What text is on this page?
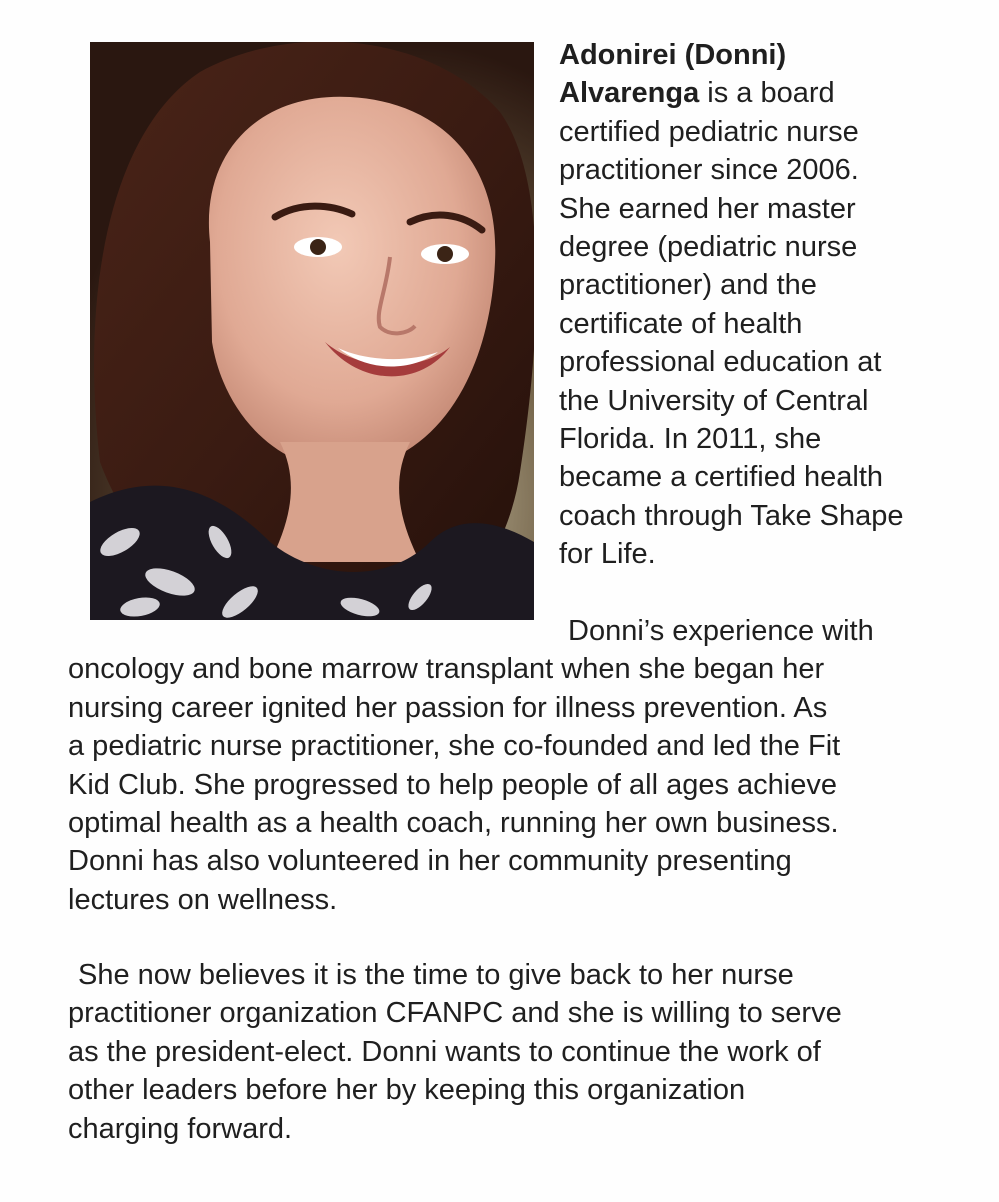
Adonirei (Donni)
Alvarenga is a board
certified pediatric nurse
practitioner since 2006.
She earned her master
degree (pediatric nurse
practitioner) and the
certificate of health
professional education at
the University of Central
Florida. In 2011, she
became a certified health
coach through Take Shape
for Life.
Donni’s experience with
oncology and bone marrow transplant when she began her
nursing career ignited her passion for illness prevention. As
a pediatric nurse practitioner, she co-founded and led the Fit
Kid Club. She progressed to help people of all ages achieve
optimal health as a health coach, running her own business.
Donni has also volunteered in her community presenting
lectures on wellness.
She now believes it is the time to give back to her nurse
practitioner organization CFANPC and she is willing to serve
as the president-elect. Donni wants to continue the work of
other leaders before her by keeping this organization
charging forward.
